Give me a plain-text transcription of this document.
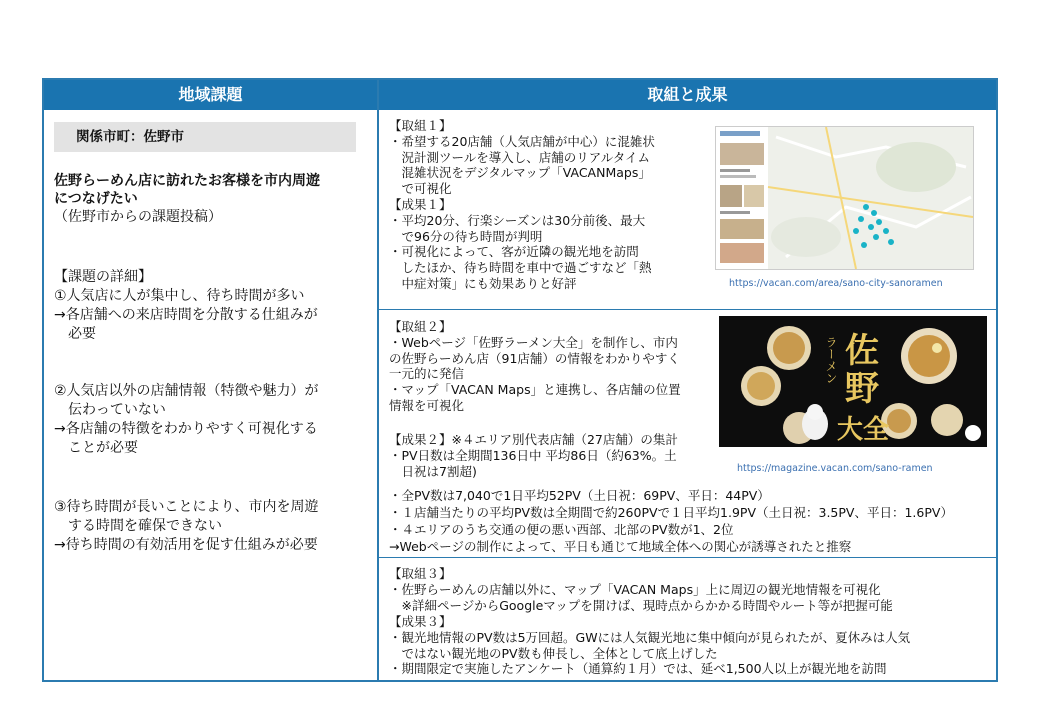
地域課題	取組と成果
関係市町：佐野市
佐野らーめん店に訪れたお客様を市内周遊
につなげたい
（佐野市からの課題投稿）
【課題の詳細】
①人気店に人が集中し、待ち時間が多い
→各店舗への来店時間を分散する仕組みが
　必要
②人気店以外の店舗情報（特徴や魅力）が
　伝わっていない
→各店舗の特徴をわかりやすく可視化する
　ことが必要
③待ち時間が長いことにより、市内を周遊
　する時間を確保できない
→待ち時間の有効活用を促す仕組みが必要
【取組１】
・希望する20店舗（人気店舗が中心）に混雑状
　況計測ツールを導入し、店舗のリアルタイム
　混雑状況をデジタルマップ「VACANMaps」
　で可視化
【成果１】
・平均20分、行楽シーズンは30分前後、最大
　で96分の待ち時間が判明
・可視化によって、客が近隣の観光地を訪問
　したほか、待ち時間を車中で過ごすなど「熱
　中症対策」にも効果ありと好評	https://vacan.com/area/sano-city-sanoramen
【取組２】
・Webページ「佐野ラーメン大全」を制作し、市内
の佐野らーめん店（91店舗）の情報をわかりやすく
一元的に発信
・マップ「VACAN Maps」と連携し、各店舗の位置
情報を可視化
【成果２】※４エリア別代表店舗（27店舗）の集計
・PV日数は全期間136日中 平均86日（約63%。土
　日祝は7割超)	https://magazine.vacan.com/sano-ramen
・全PV数は7,040で1日平均52PV（土日祝：69PV、平日：44PV）
・１店舗当たりの平均PV数は全期間で約260PVで１日平均1.9PV（土日祝：3.5PV、平日：1.6PV）
・４エリアのうち交通の便の悪い西部、北部のPV数が1、2位
→Webページの制作によって、平日も通じて地域全体への関心が誘導されたと推察
【取組３】
・佐野らーめんの店舗以外に、マップ「VACAN Maps」上に周辺の観光地情報を可視化
　※詳細ページからGoogleマップを開けば、現時点からかかる時間やルート等が把握可能
【成果３】
・観光地情報のPV数は5万回超。GWには人気観光地に集中傾向が見られたが、夏休みは人気
　ではない観光地のPV数も伸長し、全体として底上げした
・期間限定で実施したアンケート（通算約１月）では、延べ1,500人以上が観光地を訪問
佐
野
ラーメン
大全
